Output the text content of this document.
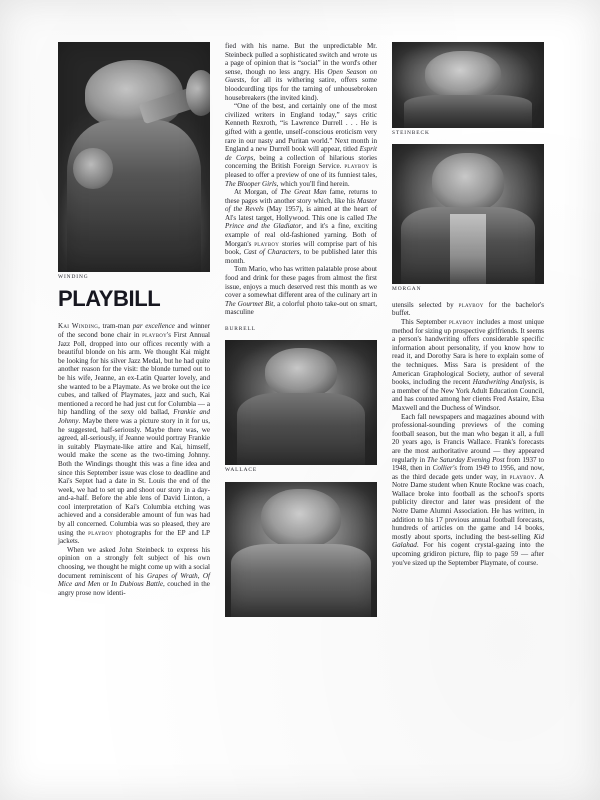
WINDING
PLAYBILL

Kai Winding, tram-man par excellence and winner of the second bone chair in playboy's First Annual Jazz Poll, dropped into our offices recently with a beautiful blonde on his arm. We thought Kai might be looking for his silver Jazz Medal, but he had quite another reason for the visit: the blonde turned out to be his wife, Jeanne, an ex-Latin Quarter lovely, and she wanted to be a Playmate. As we broke out the ice cubes, and talked of Playmates, jazz and such, Kai mentioned a record he had just cut for Columbia — a hip handling of the sexy old ballad, Frankie and Johnny. Maybe there was a picture story in it for us, he suggested, half-seriously. Maybe there was, we agreed, all-seriously, if Jeanne would portray Frankie in suitably Playmate-like attire and Kai, himself, would make the scene as the two-timing Johnny. Both the Windings thought this was a fine idea and since this September issue was close to deadline and Kai's Septet had a date in St. Louis the end of the week, we had to set up and shoot our story in a day-and-a-half. Before the able lens of David Linton, a cool interpretation of Kai's Columbia etching was achieved and a considerable amount of fun was had by all concerned. Columbia was so pleased, they are using the playboy photographs for the EP and LP jackets.

When we asked John Steinbeck to express his opinion on a strongly felt subject of his own choosing, we thought he might come up with a social document reminiscent of his Grapes of Wrath, Of Mice and Men or In Dubious Battle, couched in the angry prose now identi-

fied with his name. But the unpredictable Mr. Steinbeck pulled a sophisticated switch and wrote us a page of opinion that is “social” in the word's other sense, though no less angry. His Open Season on Guests, for all its withering satire, offers some bloodcurdling tips for the taming of unhousebroken housebreakers (the invited kind).

“One of the best, and certainly one of the most civilized writers in England today,” says critic Kenneth Rexroth, “is Lawrence Durrell . . . He is gifted with a gentle, unself-conscious eroticism very rare in our nasty and Puritan world.” Next month in England a new Durrell book will appear, titled Esprit de Corps, being a collection of hilarious stories concerning the British Foreign Service. playboy is pleased to offer a preview of one of its funniest tales, The Blooper Girls, which you'll find herein.

At Morgan, of The Great Man fame, returns to these pages with another story which, like his Master of the Revels (May 1957), is aimed at the heart of Al's latest target, Hollywood. This one is called The Prince and the Gladiator, and it's a fine, exciting example of real old-fashioned yarning. Both of Morgan's playboy stories will comprise part of his book, Cast of Characters, to be published later this month.

Tom Mario, who has written palatable prose about food and drink for these pages from almost the first issue, enjoys a much deserved rest this month as we cover a somewhat different area of the culinary art in The Gourmet Bit, a colorful photo take-out on smart, masculine

BURRELL
WALLACE
STEINBECK
MORGAN

utensils selected by playboy for the bachelor's buffet.

This September playboy includes a most unique method for sizing up prospective girlfriends. It seems a person's handwriting offers considerable specific information about personality, if you know how to read it, and Dorothy Sara is here to explain some of the techniques. Miss Sara is president of the American Graphological Society, author of several books, including the recent Handwriting Analysis, is a member of the New York Adult Education Council, and has counted among her clients Fred Astaire, Elsa Maxwell and the Duchess of Windsor.

Each fall newspapers and magazines abound with professional-sounding previews of the coming football season, but the man who began it all, a full 20 years ago, is Francis Wallace. Frank's forecasts are the most authoritative around — they appeared regularly in The Saturday Evening Post from 1937 to 1948, then in Collier's from 1949 to 1956, and now, as the third decade gets under way, in playboy. A Notre Dame student when Knute Rockne was coach, Wallace broke into football as the school's sports publicity director and later was president of the Notre Dame Alumni Association. He has written, in addition to his 17 previous annual football forecasts, hundreds of articles on the game and 14 books, mostly about sports, including the best-selling Kid Galahad. For his cogent crystal-gazing into the upcoming gridiron picture, flip to page 59 — after you've sized up the September Playmate, of course.
